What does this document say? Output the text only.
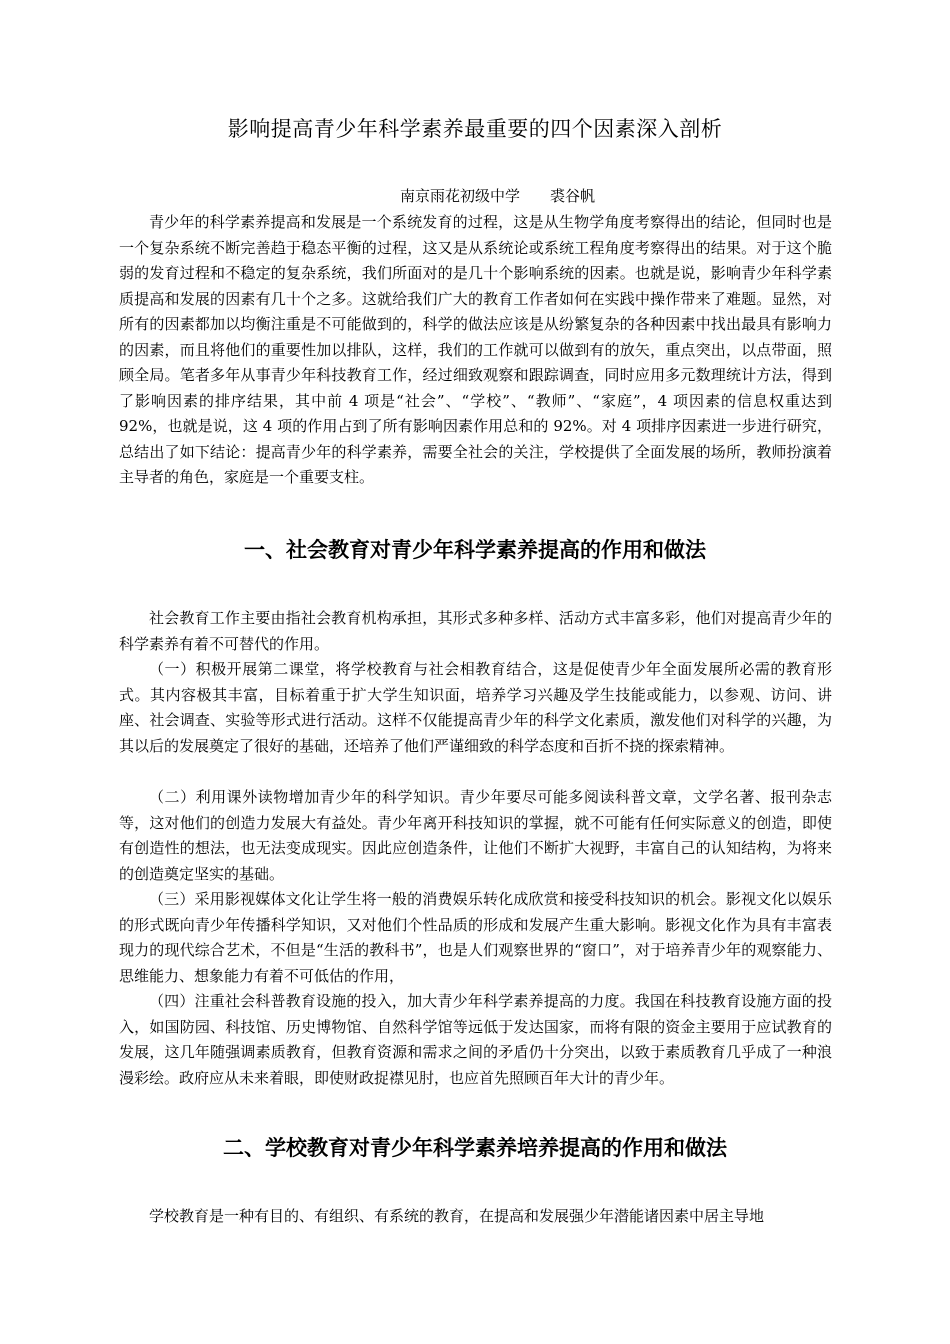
影响提高青少年科学素养最重要的四个因素深入剖析
南京雨花初级中学　　裘谷帆

青少年的科学素养提高和发展是一个系统发育的过程，这是从生物学角度考察得出的结论，但同时也是一个复杂系统不断完善趋于稳态平衡的过程，这又是从系统论或系统工程角度考察得出的结果。对于这个脆弱的发育过程和不稳定的复杂系统，我们所面对的是几十个影响系统的因素。也就是说，影响青少年科学素质提高和发展的因素有几十个之多。这就给我们广大的教育工作者如何在实践中操作带来了难题。显然，对所有的因素都加以均衡注重是不可能做到的，科学的做法应该是从纷繁复杂的各种因素中找出最具有影响力的因素，而且将他们的重要性加以排队，这样，我们的工作就可以做到有的放矢，重点突出，以点带面，照顾全局。笔者多年从事青少年科技教育工作，经过细致观察和跟踪调查，同时应用多元数理统计方法，得到了影响因素的排序结果，其中前 4 项是“社会”、“学校”、“教师”、“家庭”，4 项因素的信息权重达到 92%，也就是说，这 4 项的作用占到了所有影响因素作用总和的 92%。对 4 项排序因素进一步进行研究，总结出了如下结论：提高青少年的科学素养，需要全社会的关注，学校提供了全面发展的场所，教师扮演着主导者的角色，家庭是一个重要支柱。

一、社会教育对青少年科学素养提高的作用和做法

社会教育工作主要由指社会教育机构承担，其形式多种多样、活动方式丰富多彩，他们对提高青少年的科学素养有着不可替代的作用。

（一）积极开展第二课堂，将学校教育与社会相教育结合，这是促使青少年全面发展所必需的教育形式。其内容极其丰富，目标着重于扩大学生知识面，培养学习兴趣及学生技能或能力，以参观、访问、讲座、社会调查、实验等形式进行活动。这样不仅能提高青少年的科学文化素质，激发他们对科学的兴趣，为其以后的发展奠定了很好的基础，还培养了他们严谨细致的科学态度和百折不挠的探索精神。

（二）利用课外读物增加青少年的科学知识。青少年要尽可能多阅读科普文章，文学名著、报刊杂志等，这对他们的创造力发展大有益处。青少年离开科技知识的掌握，就不可能有任何实际意义的创造，即使有创造性的想法，也无法变成现实。因此应创造条件，让他们不断扩大视野，丰富自己的认知结构，为将来的创造奠定坚实的基础。

（三）采用影视媒体文化让学生将一般的消费娱乐转化成欣赏和接受科技知识的机会。影视文化以娱乐的形式既向青少年传播科学知识，又对他们个性品质的形成和发展产生重大影响。影视文化作为具有丰富表现力的现代综合艺术，不但是“生活的教科书”，也是人们观察世界的“窗口”，对于培养青少年的观察能力、思维能力、想象能力有着不可低估的作用，

（四）注重社会科普教育设施的投入，加大青少年科学素养提高的力度。我国在科技教育设施方面的投入，如国防园、科技馆、历史博物馆、自然科学馆等远低于发达国家，而将有限的资金主要用于应试教育的发展，这几年随强调素质教育，但教育资源和需求之间的矛盾仍十分突出，以致于素质教育几乎成了一种浪漫彩绘。政府应从未来着眼，即使财政捉襟见肘，也应首先照顾百年大计的青少年。

二、学校教育对青少年科学素养培养提高的作用和做法

学校教育是一种有目的、有组织、有系统的教育，在提高和发展强少年潜能诸因素中居主导地
